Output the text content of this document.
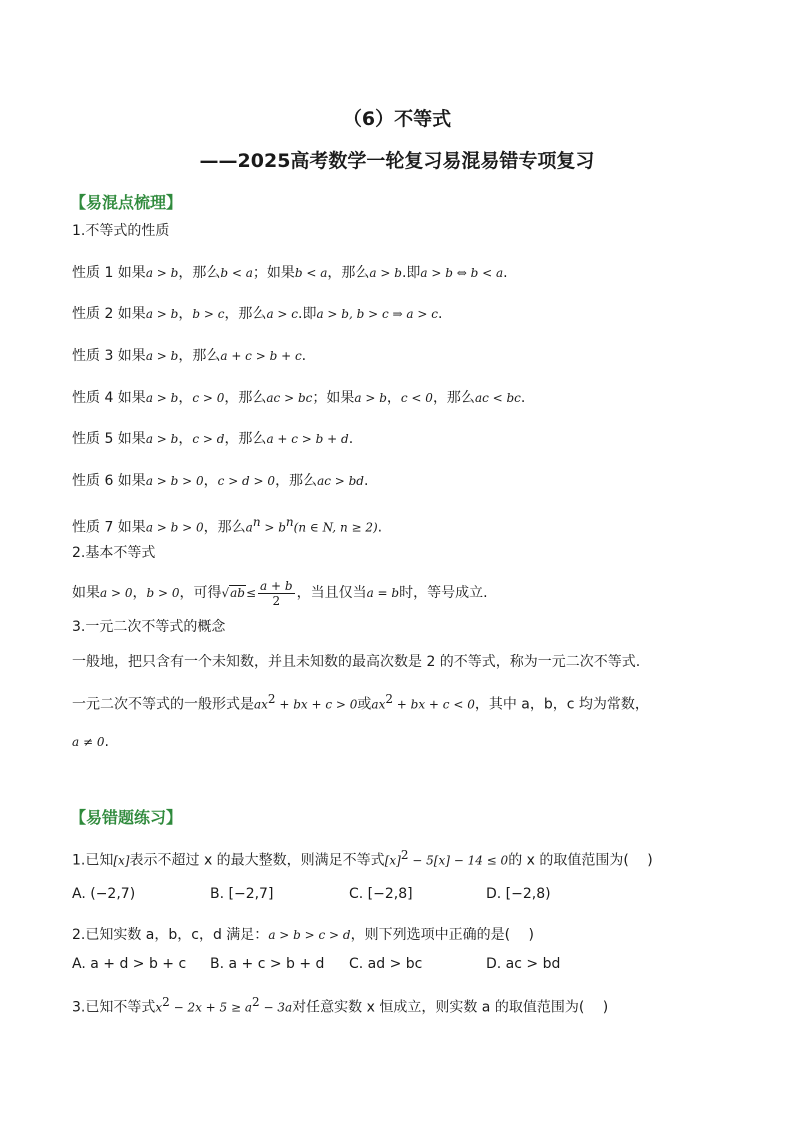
（6）不等式
——2025高考数学一轮复习易混易错专项复习
【易混点梳理】
1.不等式的性质
性质 1 如果a > b，那么b < a；如果b < a，那么a > b.即a > b ⇔ b < a.
性质 2 如果a > b，b > c，那么a > c.即a > b, b > c ⇒ a > c.
性质 3 如果a > b，那么a + c > b + c.
性质 4 如果a > b，c > 0，那么ac > bc；如果a > b，c < 0，那么ac < bc.
性质 5 如果a > b，c > d，那么a + c > b + d.
性质 6 如果a > b > 0，c > d > 0，那么ac > bd.
性质 7 如果a > b > 0，那么$a^n > b^n(n$ ∈ N, n ≥ 2).
2.基本不等式
如果a > 0，b > 0，可得$√ab\le \frac{a + b}{2}$ ，当且仅当a = b时，等号成立.
3.一元二次不等式的概念
一般地，把只含有一个未知数，并且未知数的最高次数是 2 的不等式，称为一元二次不等式.
一元二次不等式的一般形式是$ax^2$ + bx + c > 0或$ax^2$ + bx + c < 0，其中 a，b，c 均为常数，
a ≠ 0.
【易错题练习】
1.已知[x]表示不超过 x 的最大整数，则满足不等式$[x]^2 - 5[x] - 14 \le 0$的 x 的取值范围为(　 )
A. (−2,7)	B. [−2,7]	C. [−2,8]	D. [−2,8)
2.已知实数 a，b，c，d 满足：a > b > c > d，则下列选项中正确的是(　 )
A. a + d > b + c B. a + c > b + d C. ad > bc	D. ac > bd
3.已知不等式$x^2 - 2x + 5 \ge a^2 - 3a$对任意实数 x 恒成立，则实数 a 的取值范围为(　 )
